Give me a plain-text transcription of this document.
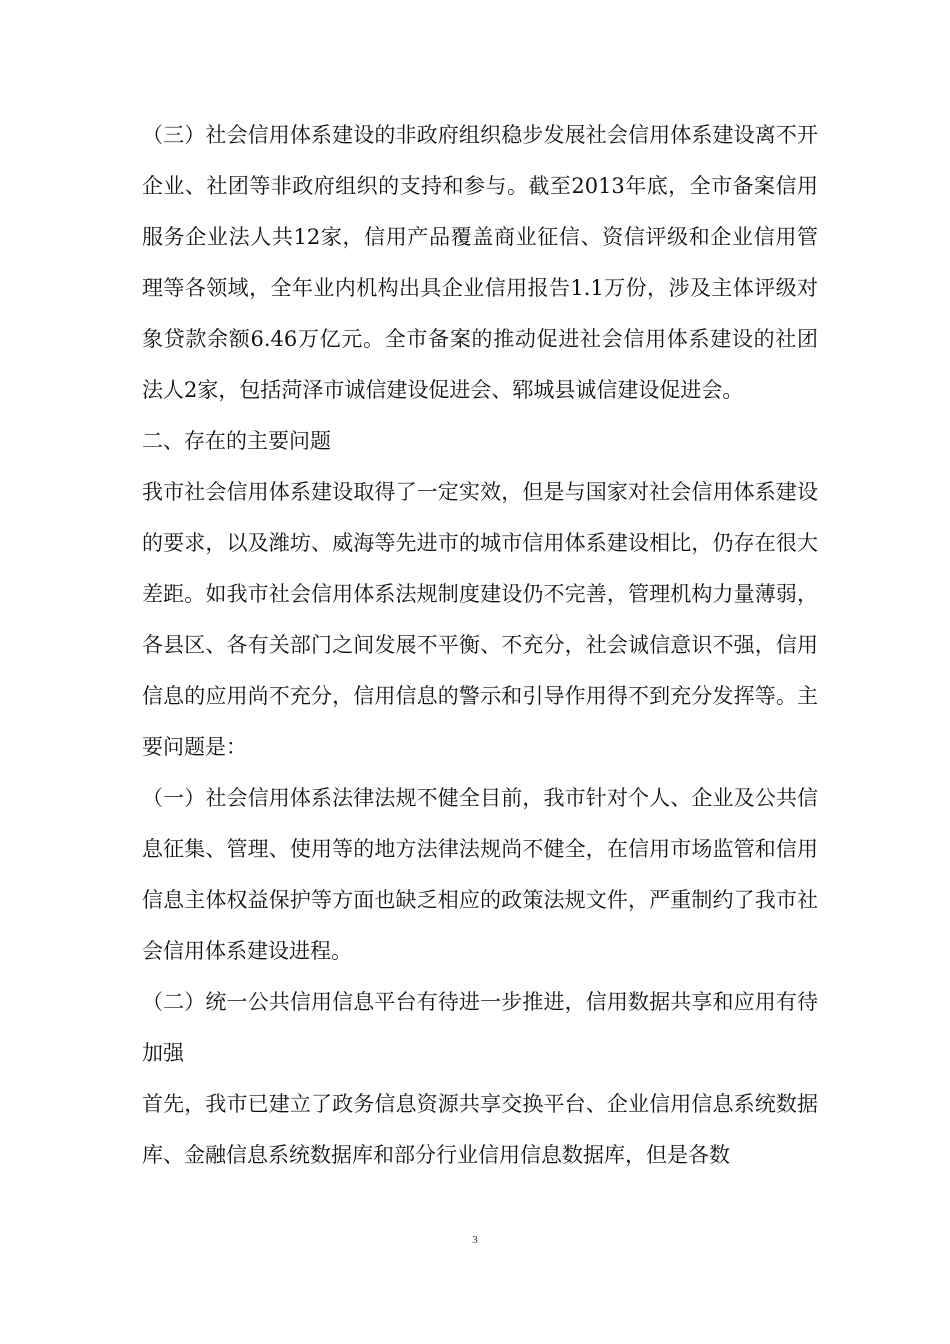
（三）社会信用体系建设的非政府组织稳步发展社会信用体系建设离不开企业、社团等非政府组织的支持和参与。截至2013年底，全市备案信用服务企业法人共12家，信用产品覆盖商业征信、资信评级和企业信用管理等各领域，全年业内机构出具企业信用报告1.1万份，涉及主体评级对象贷款余额6.46万亿元。全市备案的推动促进社会信用体系建设的社团法人2家，包括菏泽市诚信建设促进会、郓城县诚信建设促进会。

二、存在的主要问题

我市社会信用体系建设取得了一定实效，但是与国家对社会信用体系建设的要求，以及潍坊、威海等先进市的城市信用体系建设相比，仍存在很大差距。如我市社会信用体系法规制度建设仍不完善，管理机构力量薄弱，各县区、各有关部门之间发展不平衡、不充分，社会诚信意识不强，信用信息的应用尚不充分，信用信息的警示和引导作用得不到充分发挥等。主要问题是：

（一）社会信用体系法律法规不健全目前，我市针对个人、企业及公共信息征集、管理、使用等的地方法律法规尚不健全，在信用市场监管和信用信息主体权益保护等方面也缺乏相应的政策法规文件，严重制约了我市社会信用体系建设进程。

（二）统一公共信用信息平台有待进一步推进，信用数据共享和应用有待加强

首先，我市已建立了政务信息资源共享交换平台、企业信用信息系统数据库、金融信息系统数据库和部分行业信用信息数据库，但是各数

3
